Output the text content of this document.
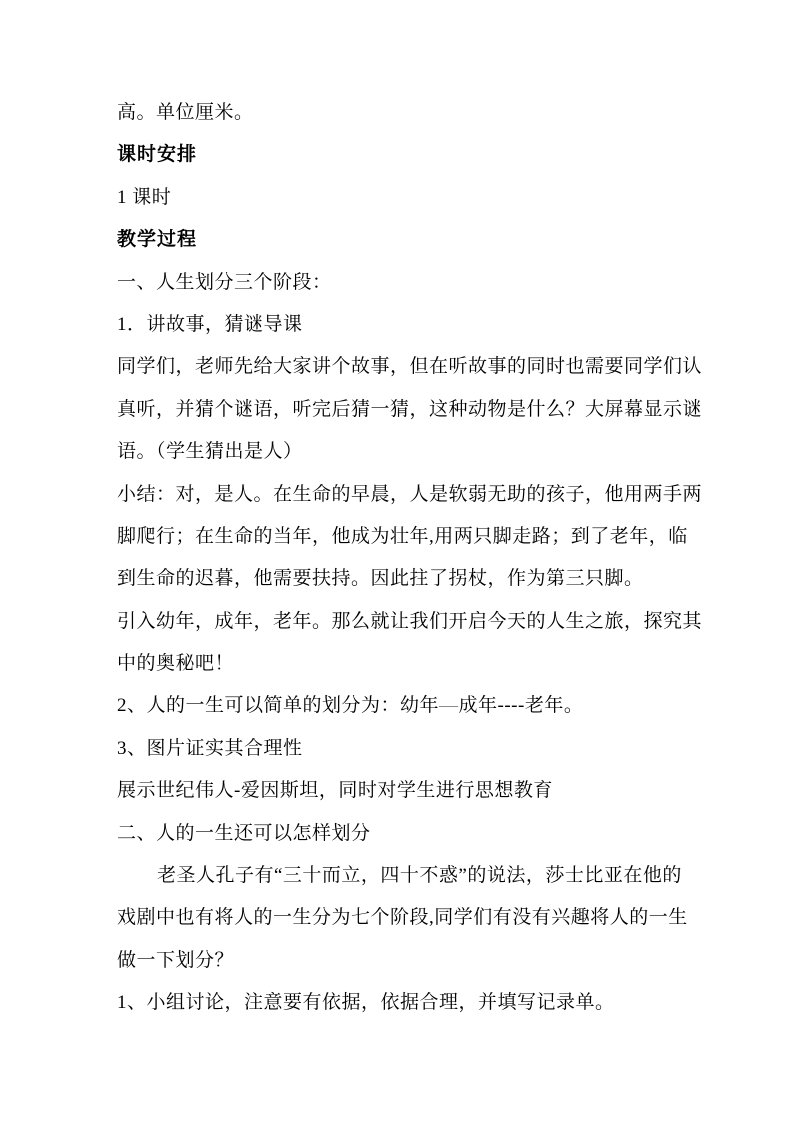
高。单位厘米。
课时安排
1 课时
教学过程
一、人生划分三个阶段：
1．讲故事，猜谜导课
同学们，老师先给大家讲个故事，但在听故事的同时也需要同学们认
真听，并猜个谜语，听完后猜一猜，这种动物是什么？大屏幕显示谜
语。（学生猜出是人）
小结：对，是人。在生命的早晨，人是软弱无助的孩子，他用两手两
脚爬行；在生命的当年，他成为壮年,用两只脚走路；到了老年，临
到生命的迟暮，他需要扶持。因此拄了拐杖，作为第三只脚。
引入幼年，成年，老年。那么就让我们开启今天的人生之旅，探究其
中的奥秘吧！
2、人的一生可以简单的划分为：幼年—成年----老年。
3、图片证实其合理性
展示世纪伟人-爱因斯坦，同时对学生进行思想教育
二、人的一生还可以怎样划分
老圣人孔子有“三十而立，四十不惑”的说法，莎士比亚在他的
戏剧中也有将人的一生分为七个阶段,同学们有没有兴趣将人的一生
做一下划分？
1、小组讨论，注意要有依据，依据合理，并填写记录单。
